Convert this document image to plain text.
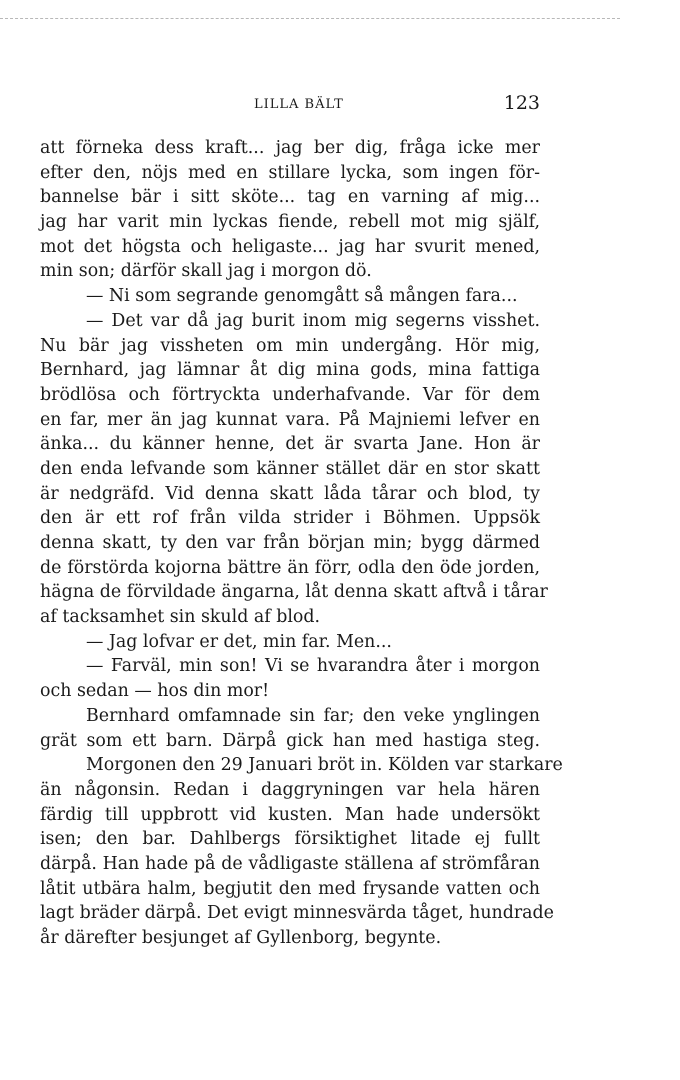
LILLA BÄLT	123
att förneka dess kraft... jag ber dig, fråga icke mer
efter den, nöjs med en stillare lycka, som ingen för-
bannelse bär i sitt sköte... tag en varning af mig...
jag har varit min lyckas fiende, rebell mot mig själf,
mot det högsta och heligaste... jag har svurit mened,
min son; därför skall jag i morgon dö.
— Ni som segrande genomgått så mången fara...
— Det var då jag burit inom mig segerns visshet.
Nu bär jag vissheten om min undergång. Hör mig,
Bernhard, jag lämnar åt dig mina gods, mina fattiga
brödlösa och förtryckta underhafvande. Var för dem
en far, mer än jag kunnat vara. På Majniemi lefver en
änka... du känner henne, det är svarta Jane. Hon är
den enda lefvande som känner stället där en stor skatt
är nedgräfd. Vid denna skatt låda tårar och blod, ty
den är ett rof från vilda strider i Böhmen. Uppsök
denna skatt, ty den var från början min; bygg därmed
de förstörda kojorna bättre än förr, odla den öde jorden,
hägna de förvildade ängarna, låt denna skatt aftvå i tårar
af tacksamhet sin skuld af blod.
— Jag lofvar er det, min far. Men...
— Farväl, min son! Vi se hvarandra åter i morgon
och sedan — hos din mor!
Bernhard omfamnade sin far; den veke ynglingen
grät som ett barn. Därpå gick han med hastiga steg.
Morgonen den 29 Januari bröt in. Kölden var starkare
än någonsin. Redan i daggryningen var hela hären
färdig till uppbrott vid kusten. Man hade undersökt
isen; den bar. Dahlbergs försiktighet litade ej fullt
därpå. Han hade på de vådligaste ställena af strömfåran
låtit utbära halm, begjutit den med frysande vatten och
lagt bräder därpå. Det evigt minnesvärda tåget, hundrade
år därefter besjunget af Gyllenborg, begynte.
